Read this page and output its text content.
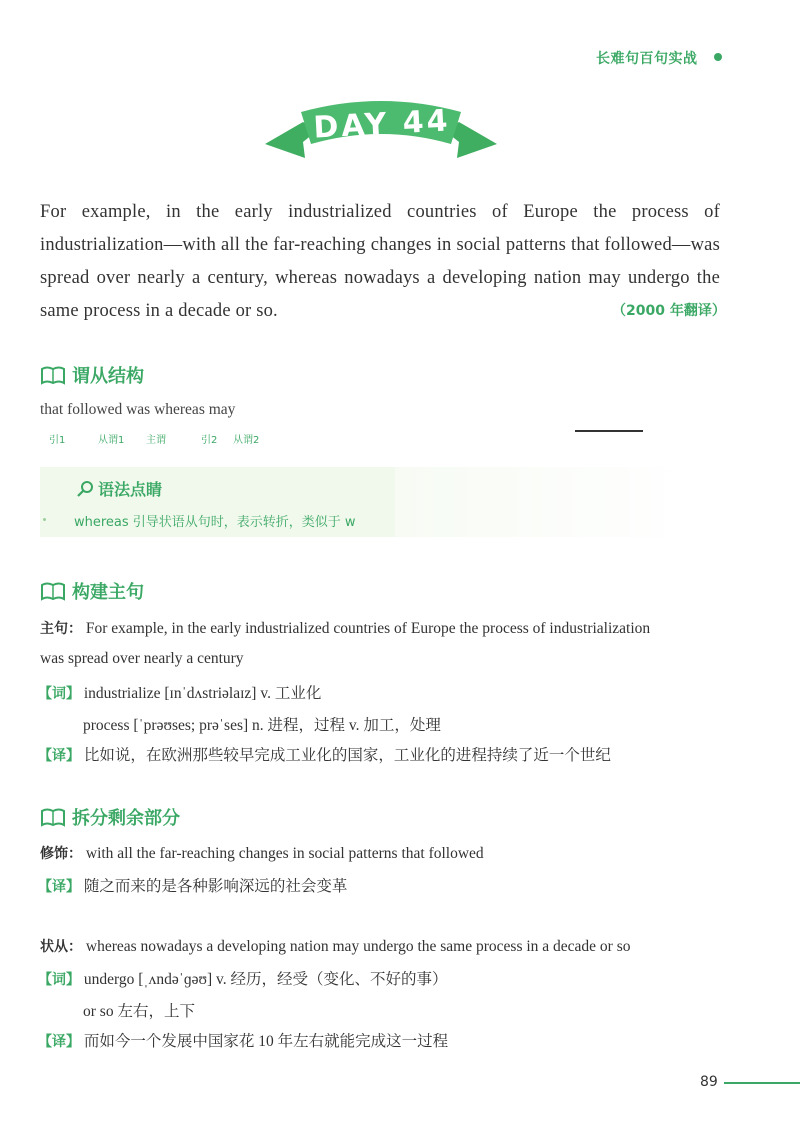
长难句百句实战
DAY 44
For example, in the early industrialized countries of Europe the process of industrialization—with all the far-reaching changes in social patterns that followed—was spread over nearly a century, whereas nowadays a developing nation may undergo the same process in a decade or so.	（2000 年翻译）
谓从结构
that followed was whereas may
引1	从谓1 主谓	引2 从谓2
语法点睛
whereas 引导状语从句时，表示转折，类似于 w
构建主句
主句： For example, in the early industrialized countries of Europe the process of industrialization
was spread over nearly a century
【词】 industrialize [ɪnˈdʌstriəlaɪz] v. 工业化
process [ˈprəʊses; prəˈses] n. 进程，过程 v. 加工，处理
【译】 比如说，在欧洲那些较早完成工业化的国家，工业化的进程持续了近一个世纪
拆分剩余部分
修饰： with all the far-reaching changes in social patterns that followed
【译】 随之而来的是各种影响深远的社会变革
状从： whereas nowadays a developing nation may undergo the same process in a decade or so
【词】 undergo [ˌʌndəˈɡəʊ] v. 经历，经受（变化、不好的事）
or so 左右，上下
【译】 而如今一个发展中国家花 10 年左右就能完成这一过程
89
